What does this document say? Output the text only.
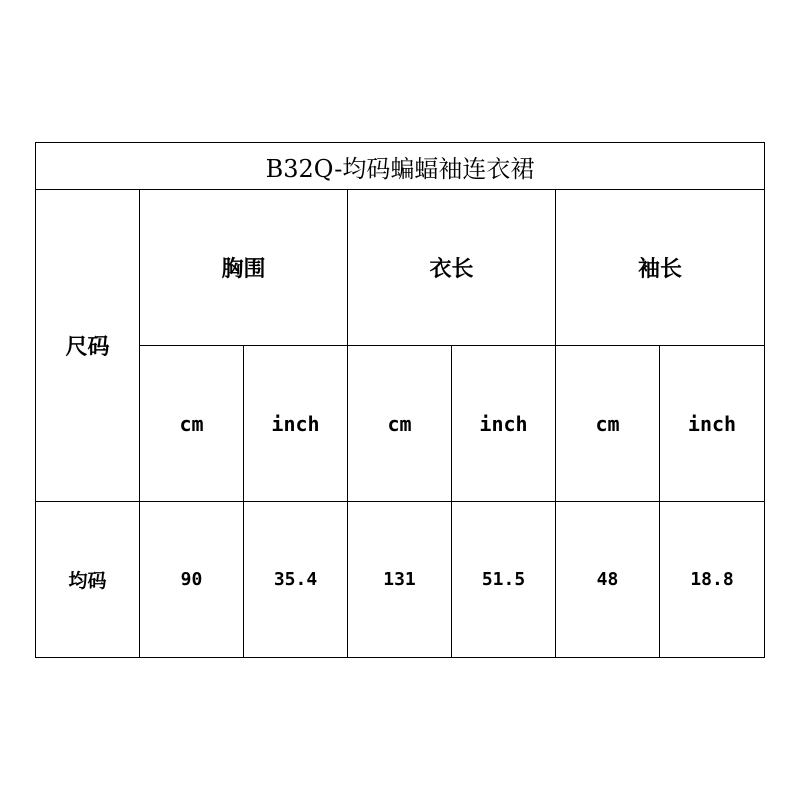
B32Q-均码蝙蝠袖连衣裙						
尺码	胸围		衣长		袖长	
	cm	inch	cm	inch	cm	inch
均码	90	35.4	131	51.5	48	18.8
